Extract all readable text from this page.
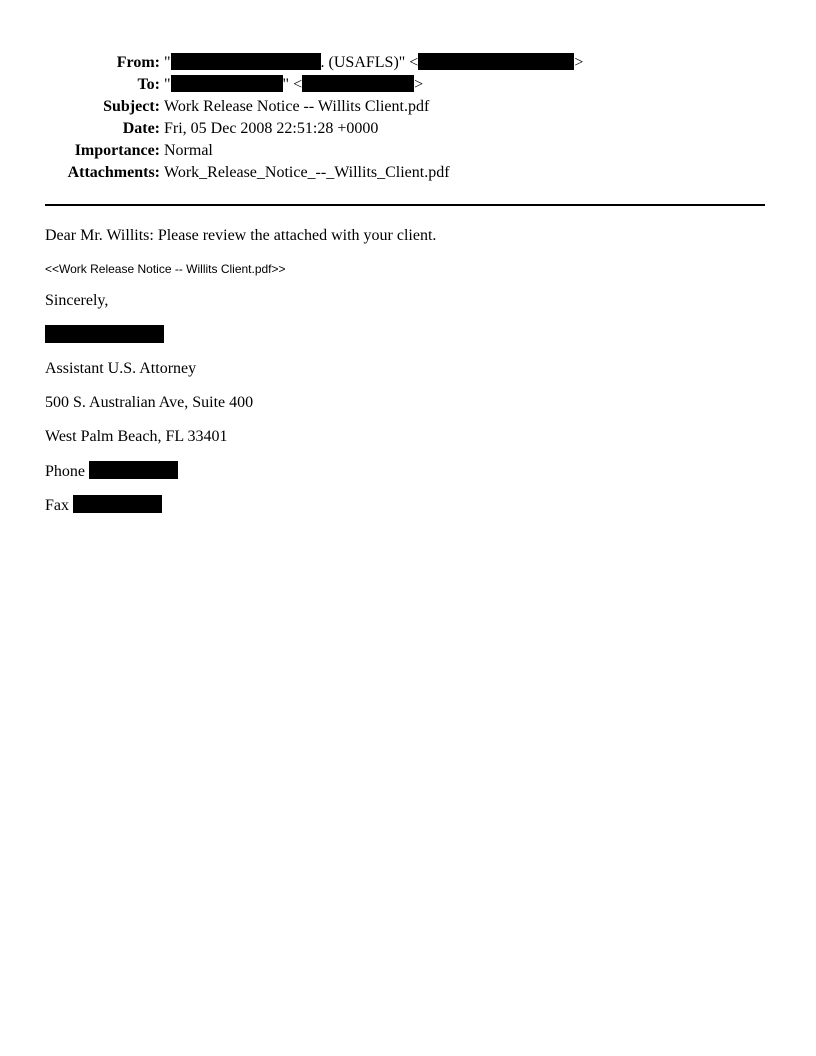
From: "	. (USAFLS)" <	>
To: "	" <	>
Subject: Work Release Notice -- Willits Client.pdf
Date: Fri, 05 Dec 2008 22:51:28 +0000
Importance: Normal
Attachments: Work_Release_Notice_--_Willits_Client.pdf
Dear Mr. Willits: Please review the attached with your client.
<<Work Release Notice -- Willits Client.pdf>>
Sincerely,
Assistant U.S. Attorney
500 S. Australian Ave, Suite 400
West Palm Beach, FL 33401
Phone
Fax
